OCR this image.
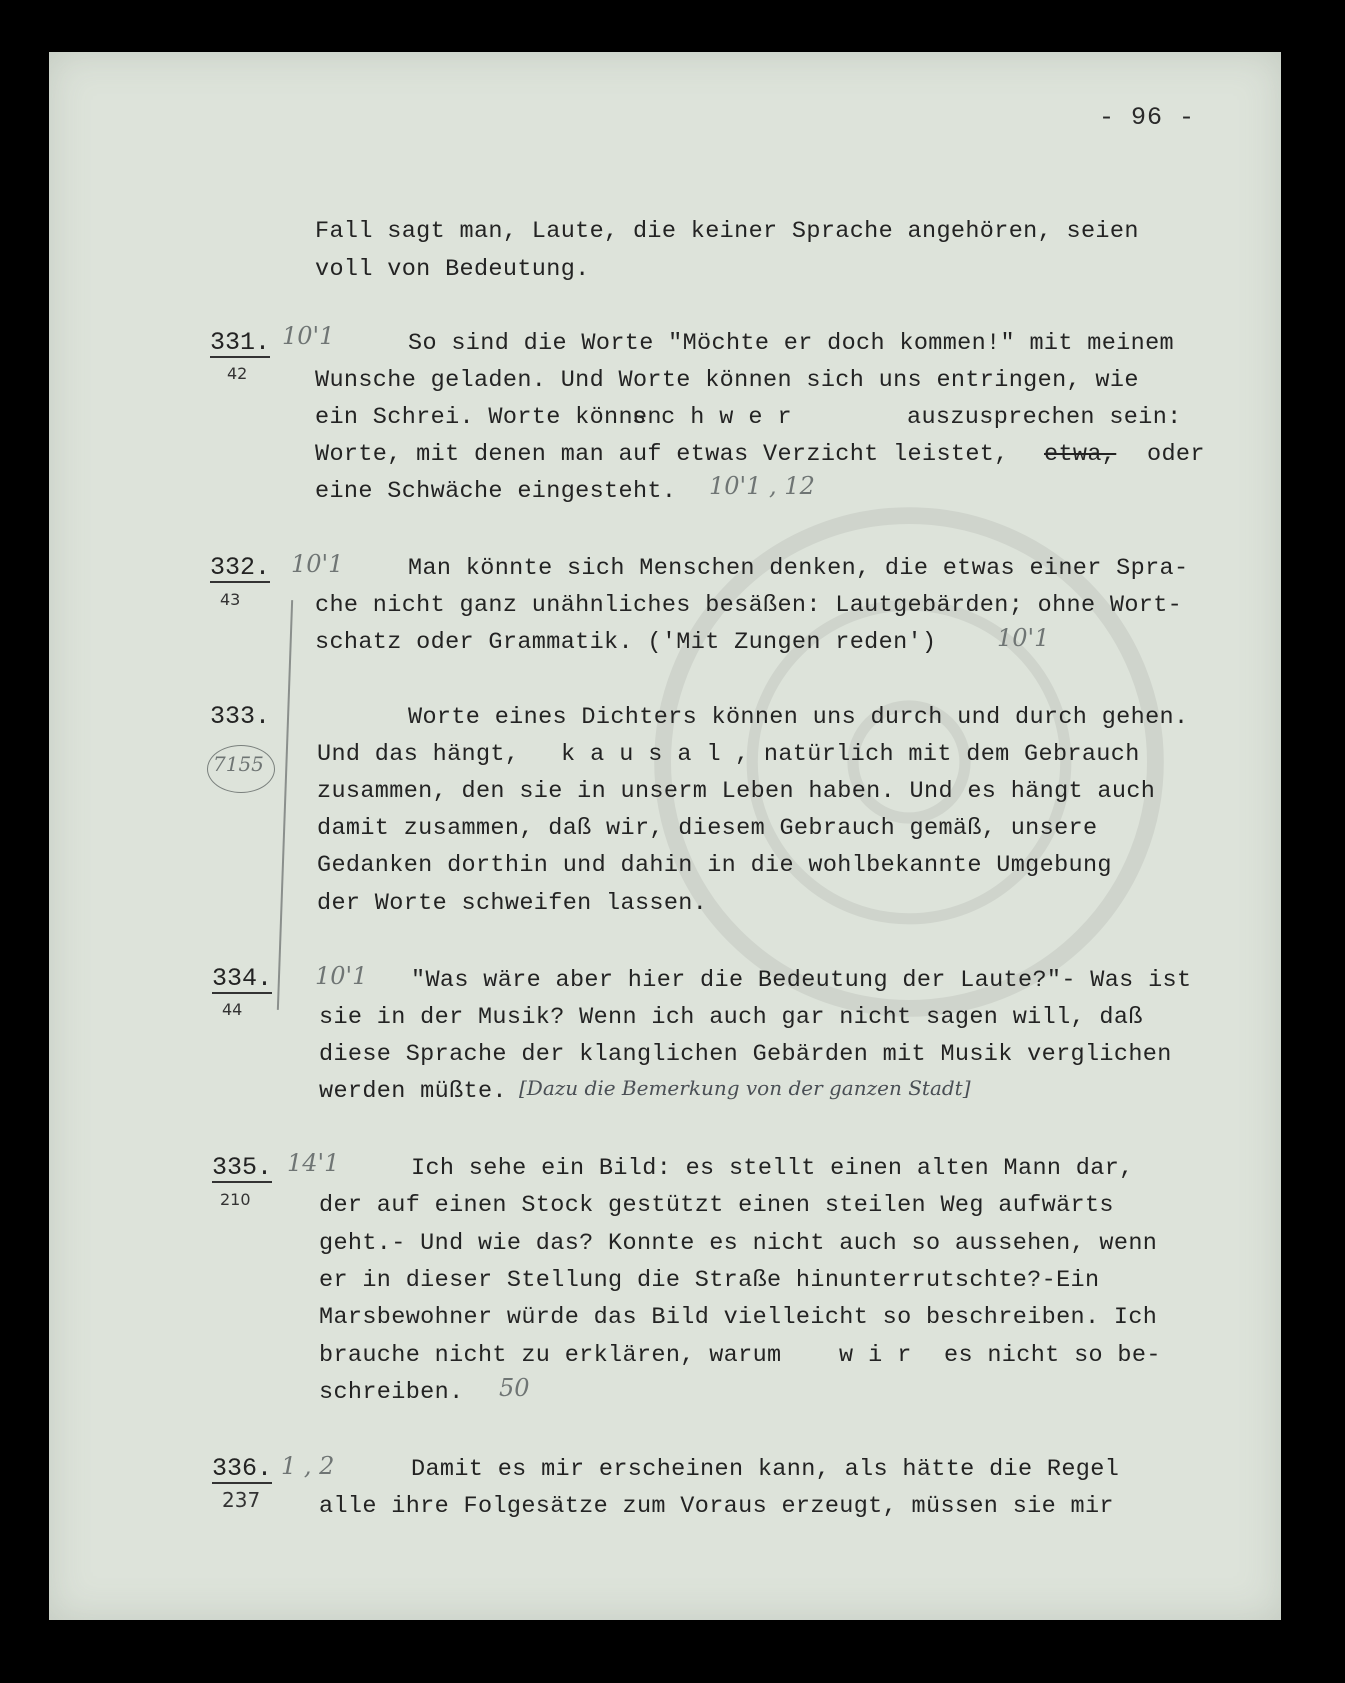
- 96 -
Fall sagt man, Laute, die keiner Sprache angehören, seien
voll von Bedeutung.
331.
42
10'1	So sind die Worte "Möchte er doch kommen!" mit meinem
Wunsche geladen. Und Worte können sich uns entringen, wie
ein Schrei. Worte können
schwer	auszusprechen sein:
Worte, mit denen man auf etwas Verzicht leistet, etwa, oder
eine Schwäche eingesteht. 10'1 , 12
332.
43
10'1	Man könnte sich Menschen denken, die etwas einer Spra-
che nicht ganz unähnliches besäßen: Lautgebärden; ohne Wort-
schatz oder Grammatik. ('Mit Zungen reden')	10'1
333.
7155
Worte eines Dichters können uns durch und durch gehen.
Und das hängt, kausal , natürlich mit dem Gebrauch
zusammen, den sie in unserm Leben haben. Und es hängt auch
damit zusammen, daß wir, diesem Gebrauch gemäß, unsere
Gedanken dorthin und dahin in die wohlbekannte Umgebung
der Worte schweifen lassen.
334.
44
10'1 "Was wäre aber hier die Bedeutung der Laute?"- Was ist
sie in der Musik? Wenn ich auch gar nicht sagen will, daß
diese Sprache der klanglichen Gebärden mit Musik verglichen
werden müßte. [Dazu die Bemerkung von der ganzen Stadt]
335.
210
14'1	Ich sehe ein Bild: es stellt einen alten Mann dar,
der auf einen Stock gestützt einen steilen Weg aufwärts
geht.- Und wie das? Konnte es nicht auch so aussehen, wenn
er in dieser Stellung die Straße hinunterrutschte?-Ein
Marsbewohner würde das Bild vielleicht so beschreiben. Ich
brauche nicht zu erklären, warum wir es nicht so be-
schreiben. 50
336.
237
1 , 2	Damit es mir erscheinen kann, als hätte die Regel
alle ihre Folgesätze zum Voraus erzeugt, müssen sie mir
